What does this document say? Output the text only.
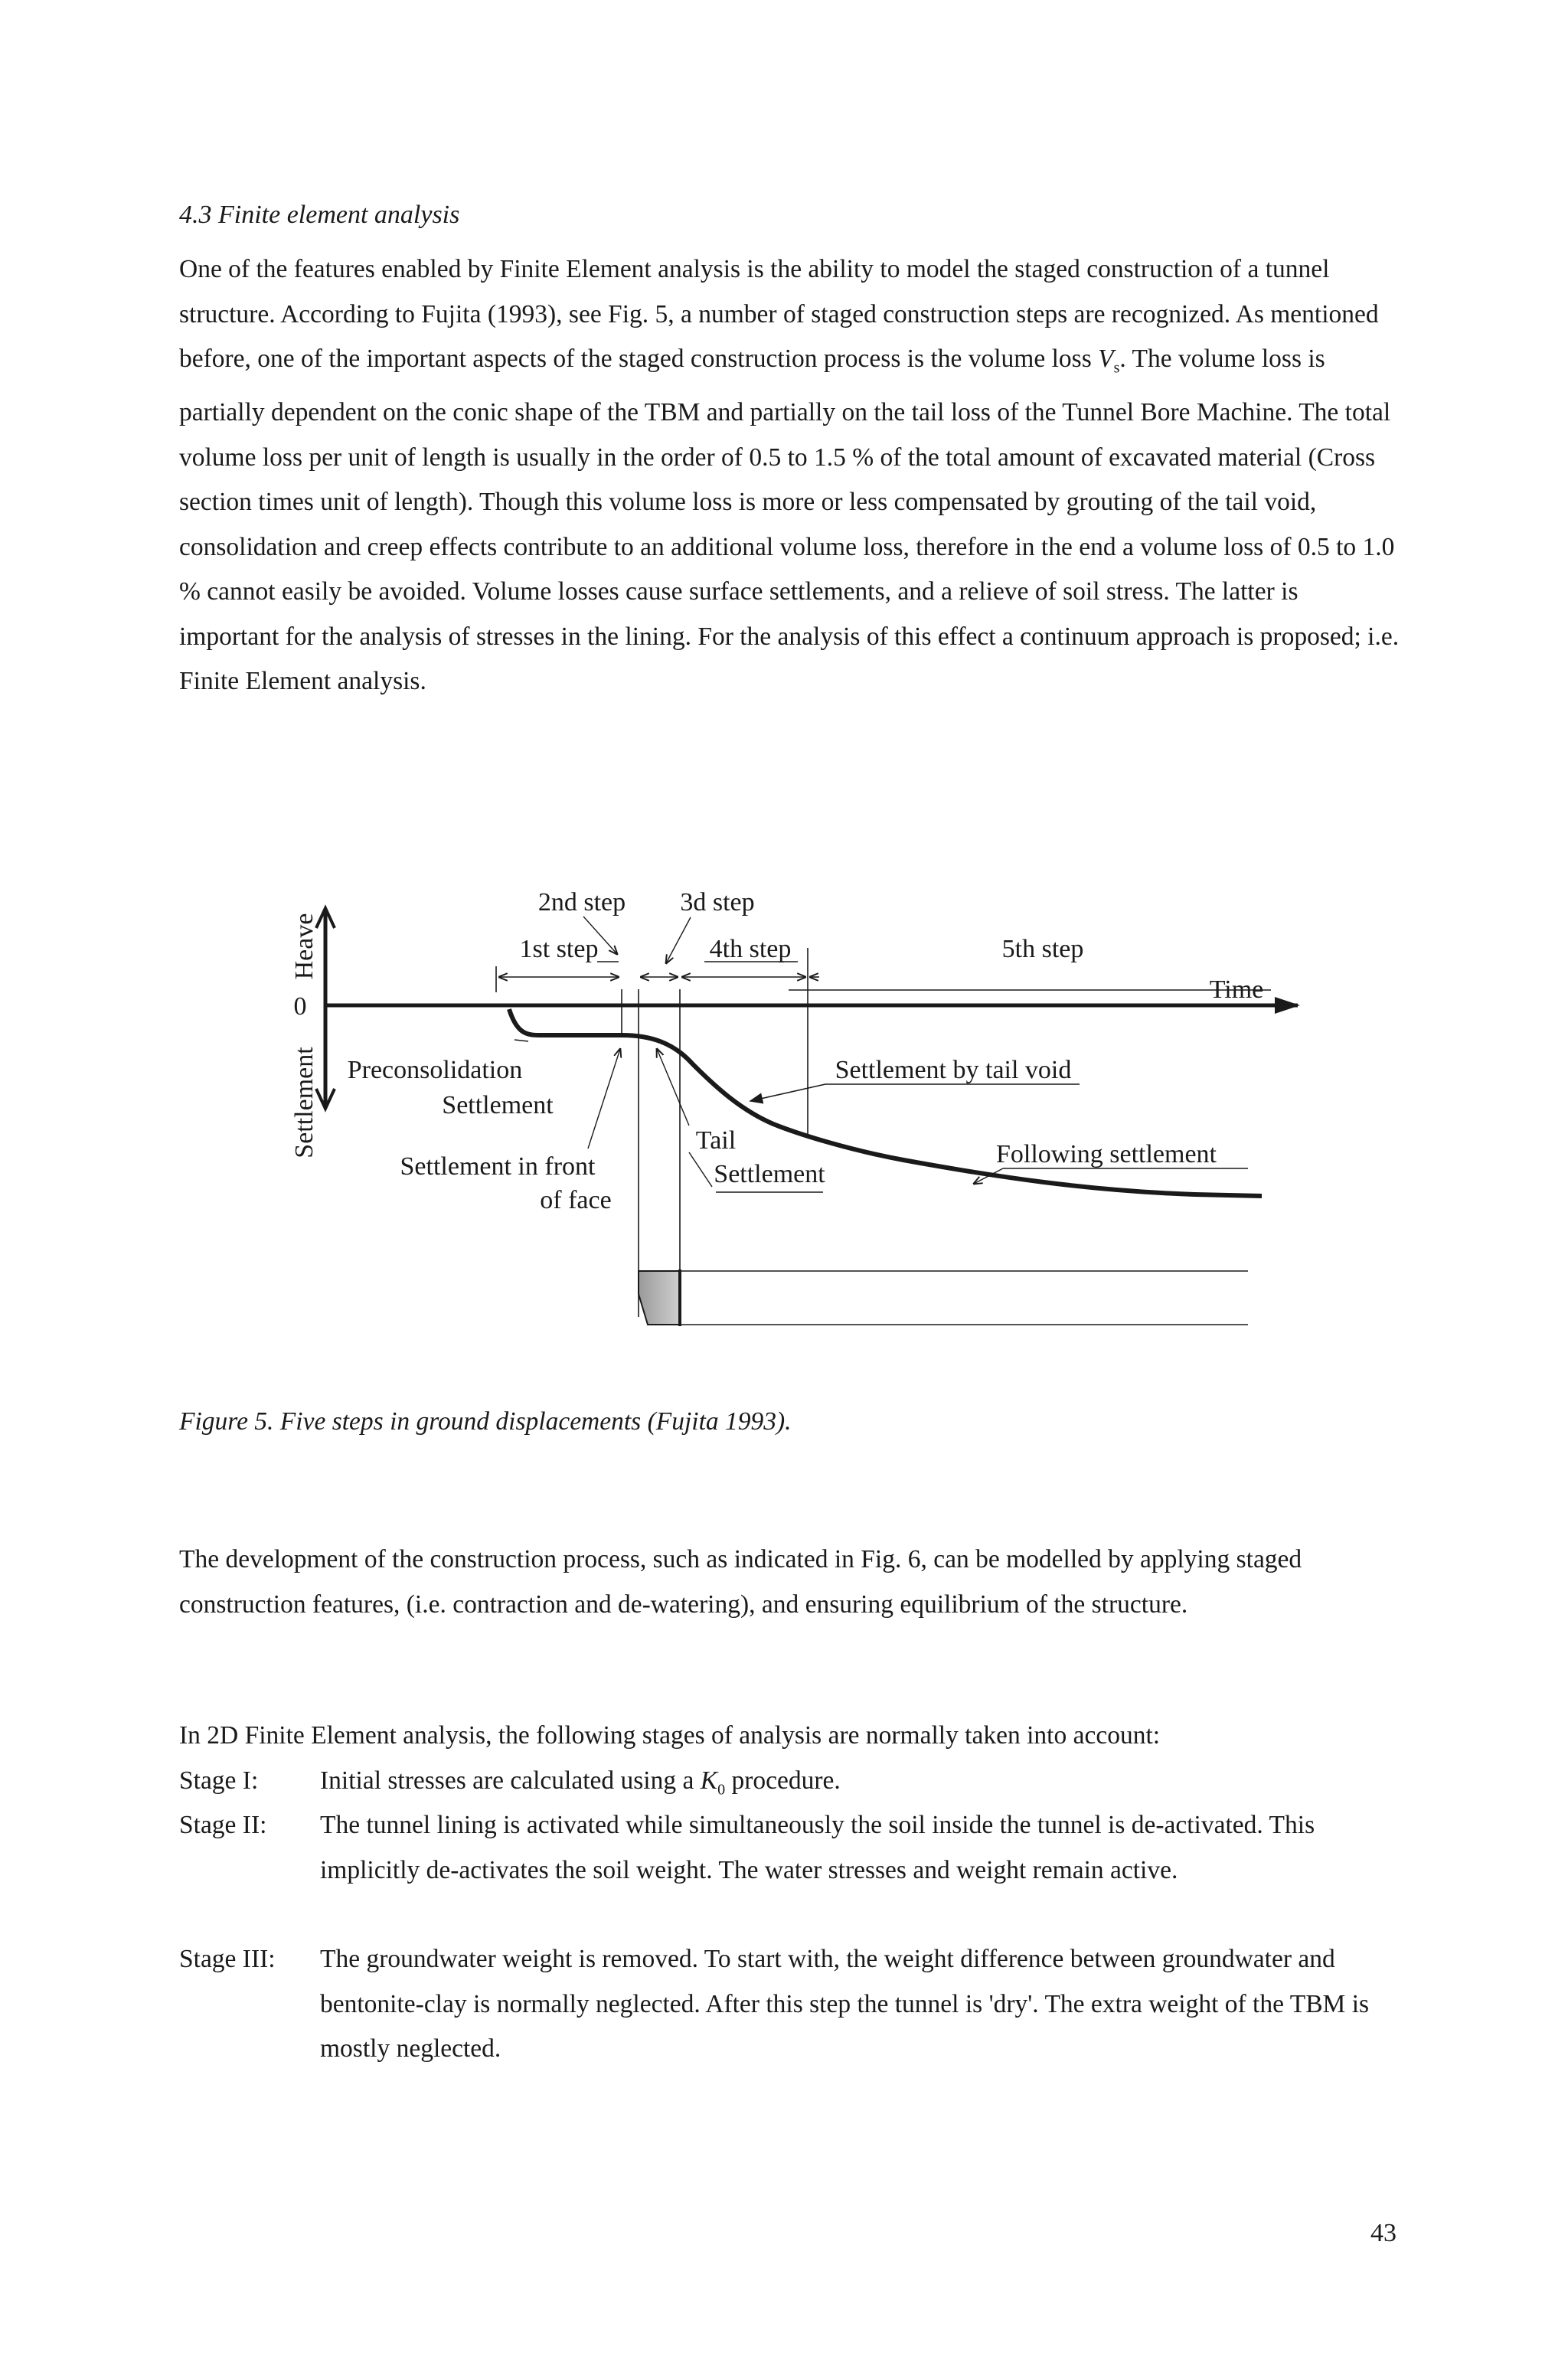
4.3 Finite element analysis

One of the features enabled by Finite Element analysis is the ability to model the staged construction of a tunnel structure. According to Fujita (1993), see Fig. 5, a number of staged construction steps are recognized. As mentioned before, one of the important aspects of the staged construction process is the volume loss $V_s$. The volume loss is partially dependent on the conic shape of the TBM and partially on the tail loss of the Tunnel Bore Machine. The total volume loss per unit of length is usually in the order of 0.5 to 1.5 % of the total amount of excavated material (Cross section times unit of length). Though this volume loss is more or less compensated by grouting of the tail void, consolidation and creep effects contribute to an additional volume loss, therefore in the end a volume loss of 0.5 to 1.0 % cannot easily be avoided. Volume losses cause surface settlements, and a relieve of soil stress. The latter is important for the analysis of stresses in the lining. For the analysis of this effect a continuum approach is proposed; i.e. Finite Element analysis.

Heave
0
Settlement
2nd step 3d step
1st step	4th step	5th step
Time
Preconsolidation
Settlement
Settlement in front
of face
Tail
Settlement
Settlement by tail void
Following settlement
Figure 5. Five steps in ground displacements (Fujita 1993).

The development of the construction process, such as indicated in Fig. 6, can be modelled by applying staged construction features, (i.e. contraction and de-watering), and ensuring equilibrium of the structure.

In 2D Finite Element analysis, the following stages of analysis are normally taken into account:

Stage I: Initial stresses are calculated using a $K_0$ procedure.
Stage II: The tunnel lining is activated while simultaneously the soil inside the tunnel is de-activated. This implicitly de-activates the soil weight. The water stresses and weight remain active.
Stage III: The groundwater weight is removed. To start with, the weight difference between groundwater and bentonite-clay is normally neglected. After this step the tunnel is 'dry'. The extra weight of the TBM is mostly neglected.
43
